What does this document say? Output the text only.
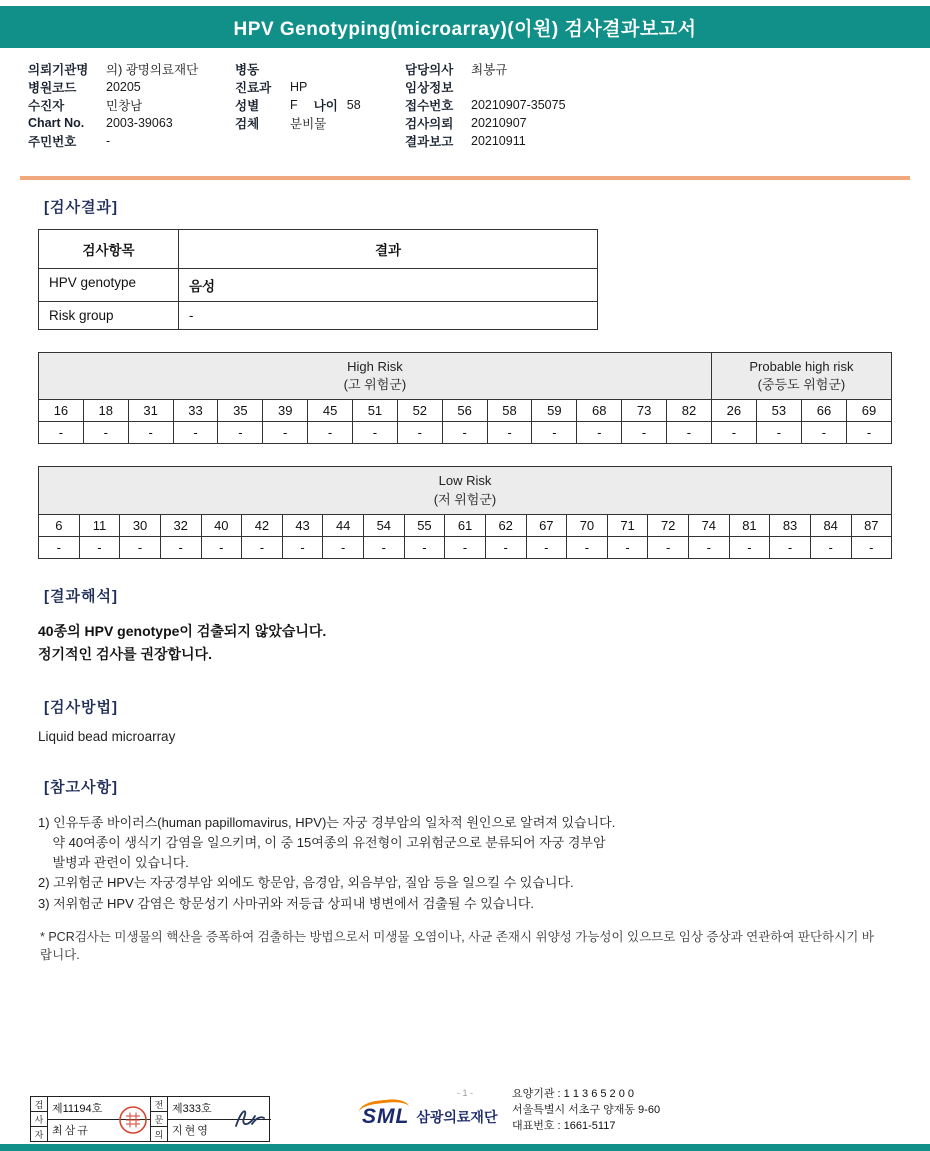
HPV Genotyping(microarray)(이원) 검사결과보고서
의뢰기관명	의) 광명의료재단
병원코드	20205
수진자	민창남
Chart No.	2003-39063
주민번호	-
병동
진료과	HP
성별	F 나이 58
검체	분비물
담당의사	최봉규
임상정보
접수번호	20210907-35075
검사의뢰	20210907
결과보고	20210911
[검사결과]
검사항목	결과
HPV genotype	음성
Risk group	-
High Risk
(고 위험군)
Probable high risk
(중등도 위험군)
16	18	31	33	35	39	45	51	52	56	58	59	68	73	82	26	53	66	69
-	-	-	-	-	-	-	-	-	-	-	-	-	-	-	-	-	-	-
Low Risk
(저 위험군)
6	11	30	32	40	42	43	44	54	55	61	62	67	70	71	72	74	81	83	84	87
-	-	-	-	-	-	-	-	-	-	-	-	-	-	-	-	-	-	-	-	-
[결과해석]
40종의 HPV genotype이 검출되지 않았습니다.
정기적인 검사를 권장합니다.
[검사방법]
Liquid bead microarray
[참고사항]
1) 인유두종 바이러스(human papillomavirus, HPV)는 자궁 경부암의 일차적 원인으로 알려져 있습니다.
약 40여종이 생식기 감염을 일으키며, 이 중 15여종의 유전형이 고위험군으로 분류되어 자궁 경부암
발병과 관련이 있습니다.
2) 고위험군 HPV는 자궁경부암 외에도 항문암, 음경암, 외음부암, 질암 등을 일으킬 수 있습니다.
3) 저위험군 HPV 감염은 항문성기 사마귀와 저등급 상피내 병변에서 검출될 수 있습니다.
* PCR검사는 미생물의 핵산을 증폭하여 검출하는 방법으로서 미생물 오염이나, 사균 존재시 위양성 가능성이 있으므로 임상 증상과 연관하여 판단하시기 바랍니다.
- 1 -
검
사
자
제11194호
최삼규
전
문
의
제333호
지현영
SML 삼광의료재단
요양기관 : 1 1 3 6 5 2 0 0
서울특별시 서초구 양재동 9-60
대표번호 : 1661-5117
